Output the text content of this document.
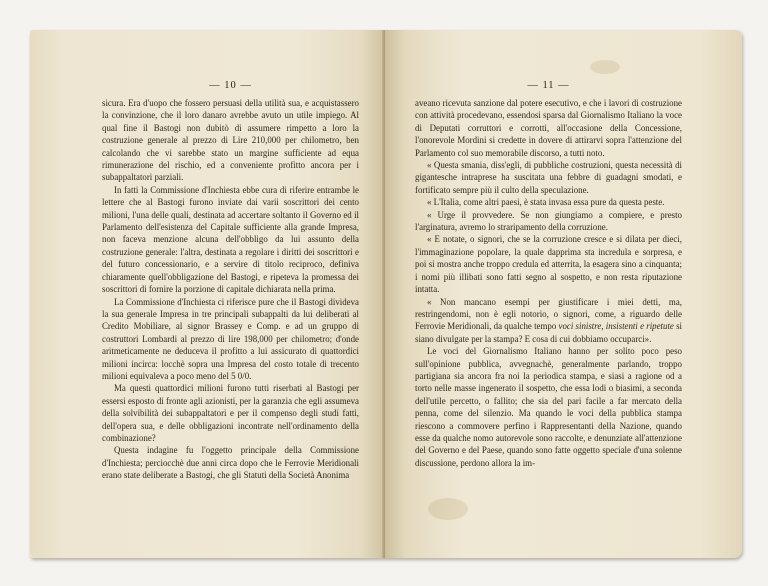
— 10 —

sicura. Era d'uopo che fossero persuasi della utilità sua, e acquistassero la convinzione, che il loro danaro avrebbe avuto un utile impiego. Al qual fine il Bastogi non dubitò di assumere rimpetto a loro la costruzione generale al prezzo di Lire 210,000 per chilometro, ben calcolando che vi sarebbe stato un margine sufficiente ad equa rimunerazione del rischio, ed a conveniente profitto ancora per i subappaltatori parziali.

In fatti la Commissione d'Inchiesta ebbe cura di riferire entrambe le lettere che al Bastogi furono inviate dai varii soscrittori dei cento milioni, l'una delle quali, destinata ad accertare soltanto il Governo ed il Parlamento dell'esistenza del Capitale sufficiente alla grande Impresa, non faceva menzione alcuna dell'obbligo da lui assunto della costruzione generale: l'altra, destinata a regolare i diritti dei soscrittori e del futuro concessionario, e a servire di titolo reciproco, definiva chiaramente quell'obbligazione del Bastogi, e ripeteva la promessa dei soscrittori di fornire la porzione di capitale dichiarata nella prima.

La Commissione d'Inchiesta ci riferisce pure che il Bastogi divideva la sua generale Impresa in tre principali subappalti da lui deliberati al Credito Mobiliare, al signor Brassey e Comp. e ad un gruppo di costruttori Lombardi al prezzo di lire 198,000 per chilometro; d'onde aritmeticamente ne deduceva il profitto a lui assicurato di quattordici milioni incirca: locchè sopra una Impresa del costo totale di trecento milioni equivaleva a poco meno del 5 0/0.

Ma questi quattordici milioni furono tutti riserbati al Bastogi per essersi esposto di fronte agli azionisti, per la garanzia che egli assumeva della solvibilità dei subappaltatori e per il compenso degli studi fatti, dell'opera sua, e delle obbligazioni incontrate nell'ordinamento della combinazione?

Questa indagine fu l'oggetto principale della Commissione d'Inchiesta; perciocchè due anni circa dopo che le Ferrovie Meridionali erano state deliberate a Bastogi, che gli Statuti della Società Anonima

— 11 —

aveano ricevuta sanzione dal potere esecutivo, e che i lavori di costruzione con attività procedevano, essendosi sparsa dal Giornalismo Italiano la voce di Deputati corruttori e corrotti, all'occasione della Concessione, l'onorevole Mordini si credette in dovere di attirarvi sopra l'attenzione del Parlamento col suo memorabile discorso, a tutti noto.

« Questa smania, diss'egli, di pubbliche costruzioni, questa necessità di gigantesche intraprese ha suscitata una febbre di guadagni smodati, e fortificato sempre più il culto della speculazione.

« L'Italia, come altri paesi, è stata invasa essa pure da questa peste.

« Urge il provvedere. Se non giungiamo a compiere, e presto l'arginatura, avremo lo straripamento della corruzione.

« E notate, o signori, che se la corruzione cresce e si dilata per dieci, l'immaginazione popolare, la quale dapprima sta incredula e sorpresa, e poi si mostra anche troppo credula ed atterrita, la esagera sino a cinquanta; i nomi più illibati sono fatti segno al sospetto, e non resta riputazione intatta.

« Non mancano esempi per giustificare i miei detti, ma, restringendomi, non è egli notorio, o signori, come, a riguardo delle Ferrovie Meridionali, da qualche tempo voci sinistre, insistenti e ripetute si siano divulgate per la stampa? E cosa di cui dobbiamo occuparci».

Le voci del Giornalismo Italiano hanno per solito poco peso sull'opinione pubblica, avvegnachè, generalmente parlando, troppo partigiana sia ancora fra noi la periodica stampa, e siasi a ragione od a torto nelle masse ingenerato il sospetto, che essa lodi o biasimi, a seconda dell'utile percetto, o fallito; che sia del pari facile a far mercato della penna, come del silenzio. Ma quando le voci della pubblica stampa riescono a commovere perfino i Rappresentanti della Nazione, quando esse da qualche nomo autorevole sono raccolte, e denunziate all'attenzione del Governo e del Paese, quando sono fatte oggetto speciale d'una solenne discussione, perdono allora la im-
